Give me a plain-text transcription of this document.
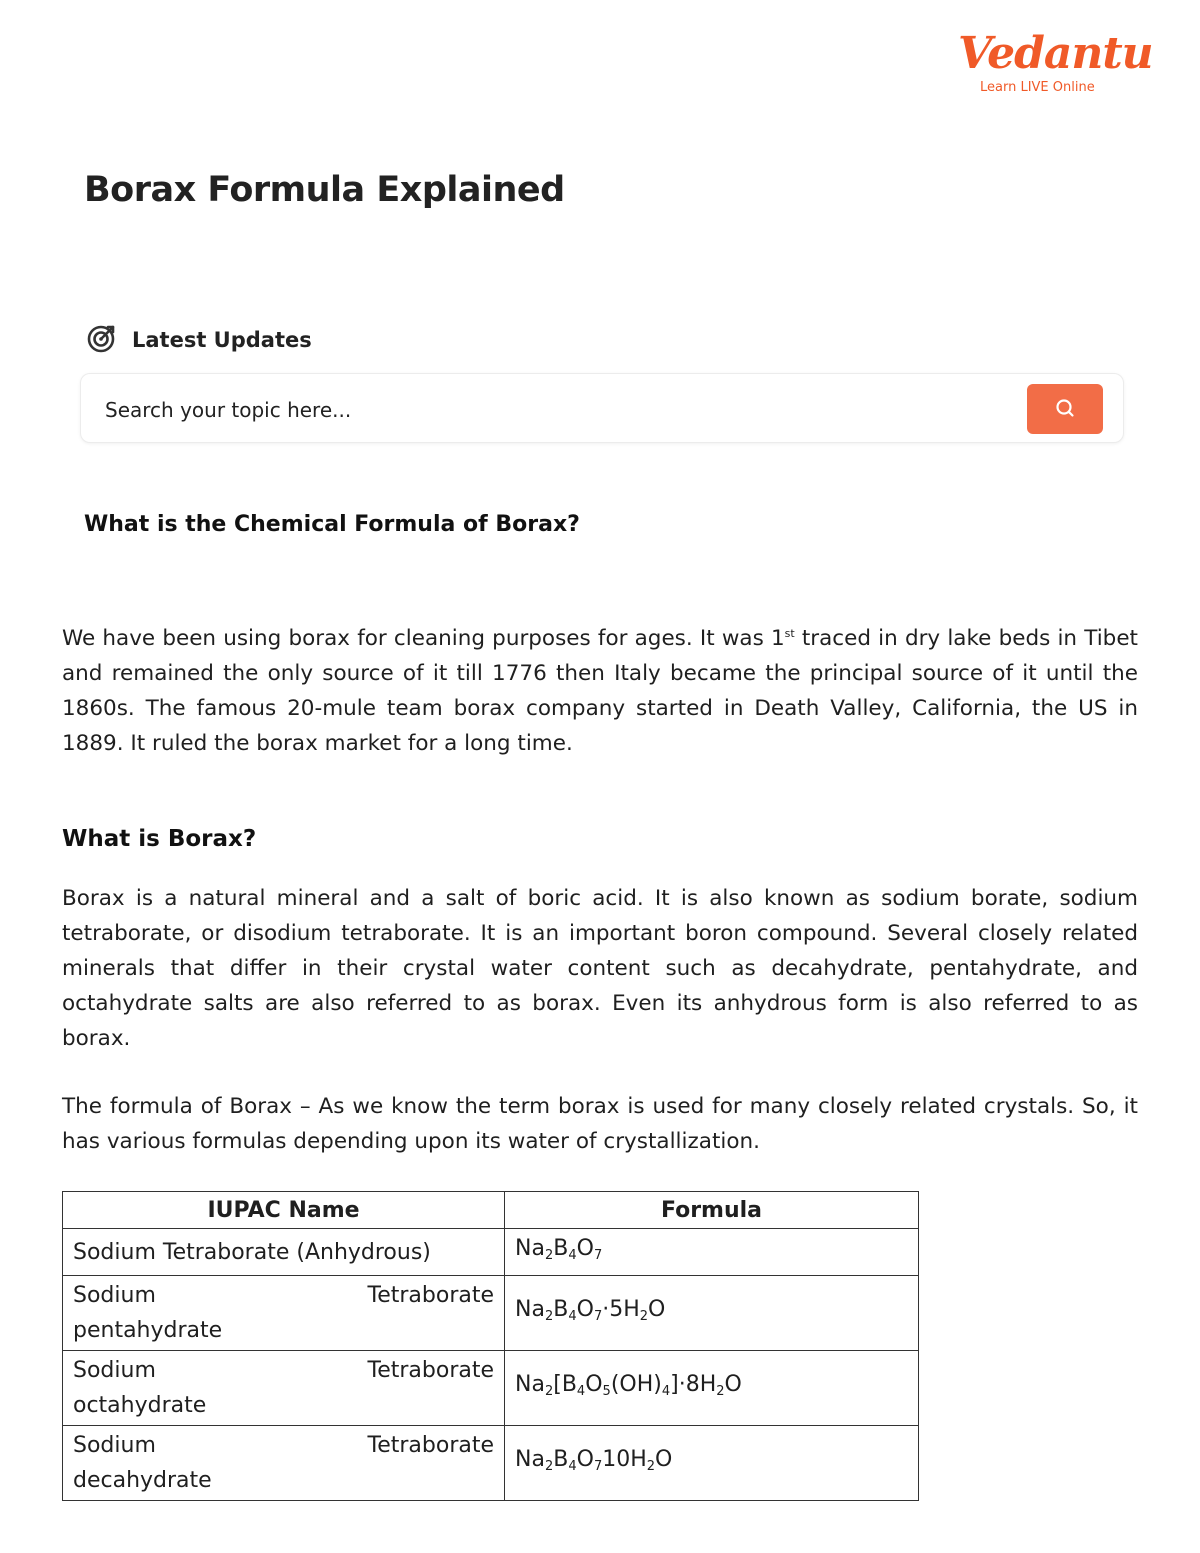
Vedantu
Learn LIVE Online
Borax Formula Explained
Latest Updates
Search your topic here...
What is the Chemical Formula of Borax?

We have been using borax for cleaning purposes for ages. It was 1st traced in dry lake beds in Tibet and remained the only source of it till 1776 then Italy became the principal source of it until the 1860s. The famous 20-mule team borax company started in Death Valley, California, the US in 1889. It ruled the borax market for a long time.

What is Borax?

Borax is a natural mineral and a salt of boric acid. It is also known as sodium borate, sodium tetraborate, or disodium tetraborate. It is an important boron compound. Several closely related minerals that differ in their crystal water content such as decahydrate, pentahydrate, and octahydrate salts are also referred to as borax. Even its anhydrous form is also referred to as borax.

The formula of Borax – As we know the term borax is used for many closely related crystals. So, it has various formulas depending upon its water of crystallization.

IUPAC Name	Formula
Sodium Tetraborate (Anhydrous)	$Na_2B_4O_7$

Sodium Tetraborate
pentahydrate	$Na_2B_4O_7\cdot 5H_2O$

Sodium Tetraborate
octahydrate	$Na_2[B_4O_5(OH)_4]\cdot 8H_2O$

Sodium Tetraborate
decahydrate	$Na_2B_4O_710H_2O$
